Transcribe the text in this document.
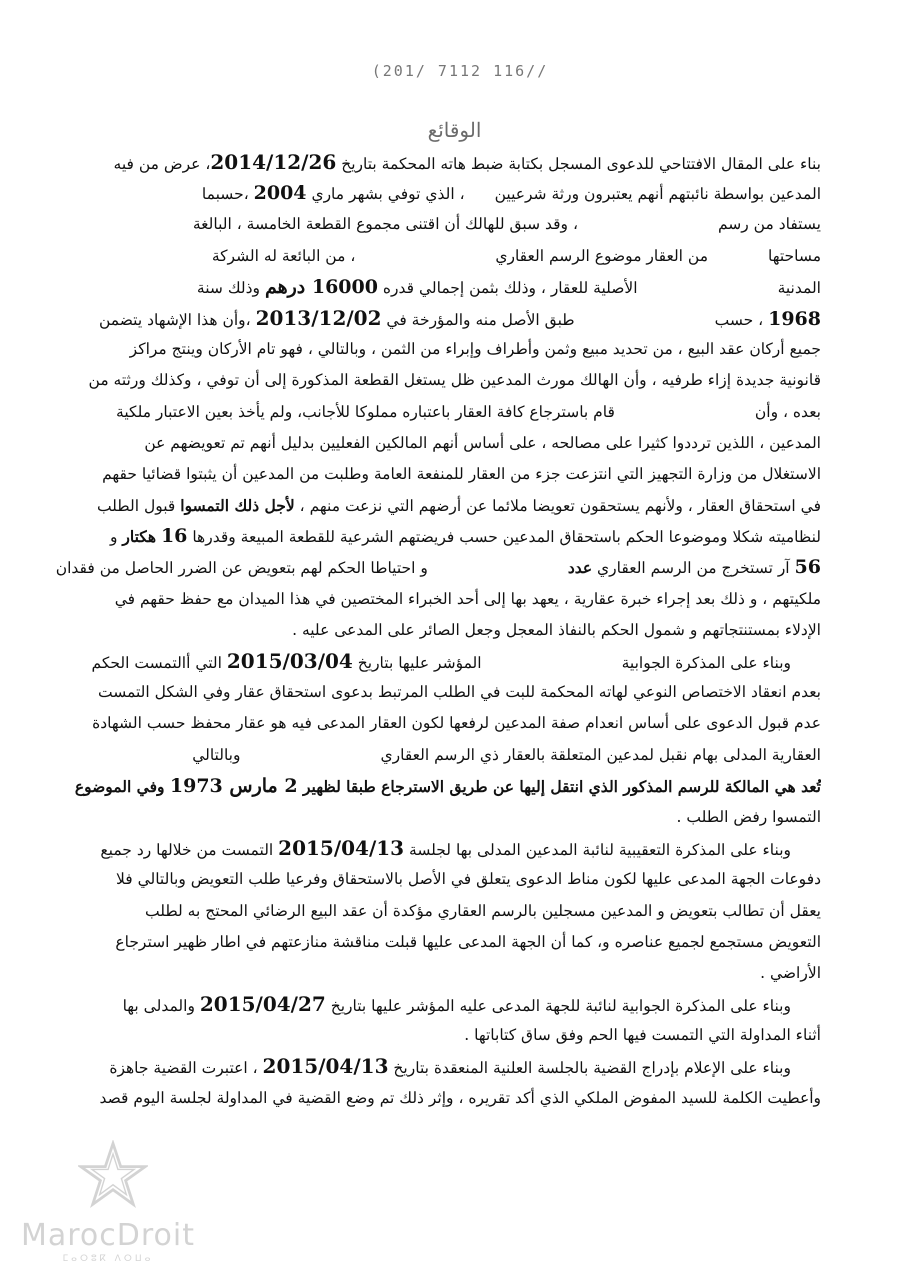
(201/ 7112 116//
الوقائع
بناء على المقال الافتتاحي للدعوى المسجل بكتابة ضبط هاته المحكمة بتاريخ 2014/12/26، عرض من فيه
المدعين بواسطة نائبتهم أنهم يعتبرون ورثة شرعيين، الذي توفي بشهر ماري 2004 ،حسبما
يستفاد من رسم، وقد سبق للهالك أن اقتنى مجموع القطعة الخامسة ، البالغة
مساحتهامن العقار موضوع الرسم العقاري، من البائعة له الشركة
المدنيةالأصلية للعقار ، وذلك بثمن إجمالي قدره 16000 درهم وذلك سنة
1968 ، حسبطبق الأصل منه والمؤرخة في 2013/12/02 ،وأن هذا الإشهاد يتضمن
جميع أركان عقد البيع ، من تحديد مبيع وثمن وأطراف وإبراء من الثمن ، وبالتالي ، فهو تام الأركان وينتج مراكز
قانونية جديدة إزاء طرفيه ، وأن الهالك مورث المدعين ظل يستغل القطعة المذكورة إلى أن توفي ، وكذلك ورثته من
بعده ، وأنقام باسترجاع كافة العقار باعتباره مملوكا للأجانب، ولم يأخذ بعين الاعتبار ملكية
المدعين ، اللذين ترددوا كثيرا على مصالحه ، على أساس أنهم المالكين الفعليين بدليل أنهم تم تعويضهم عن
الاستغلال من وزارة التجهيز التي انتزعت جزء من العقار للمنفعة العامة وطلبت من المدعين أن يثبتوا قضائيا حقهم
في استحقاق العقار ، ولأنهم يستحقون تعويضا ملائما عن أرضهم التي نزعت منهم ، لأجل ذلك التمسوا قبول الطلب
لنظاميته شكلا وموضوعا الحكم باستحقاق المدعين حسب فريضتهم الشرعية للقطعة المبيعة وقدرها 16 هكتار و
56 آر تستخرج من الرسم العقاري عددو احتياطا الحكم لهم بتعويض عن الضرر الحاصل من فقدان
ملكيتهم ، و ذلك بعد إجراء خبرة عقارية ، يعهد بها إلى أحد الخبراء المختصين في هذا الميدان مع حفظ حقهم في
الإدلاء بمستنتجاتهم و شمول الحكم بالنفاذ المعجل وجعل الصائر على المدعى عليه .
وبناء على المذكرة الجوابيةالمؤشر عليها بتاريخ 2015/03/04 التي أالتمست الحكم
بعدم انعقاد الاختصاص النوعي لهاته المحكمة للبت في الطلب المرتبط بدعوى استحقاق عقار وفي الشكل التمست
عدم قبول الدعوى على أساس انعدام صفة المدعين لرفعها لكون العقار المدعى فيه هو عقار محفظ حسب الشهادة
العقارية المدلى بهام نقبل لمدعين المتعلقة بالعقار ذي الرسم العقاريوبالتالي
تُعد هي المالكة للرسم المذكور الذي انتقل إليها عن طريق الاسترجاع طبقا لظهير 2 مارس 1973 وفي الموضوع
التمسوا رفض الطلب .
وبناء على المذكرة التعقيبية لنائبة المدعين المدلى بها لجلسة 2015/04/13 التمست من خلالها رد جميع
دفوعات الجهة المدعى عليها لكون مناط الدعوى يتعلق في الأصل بالاستحقاق وفرعيا طلب التعويض وبالتالي فلا
يعقل أن تطالب بتعويض و المدعين مسجلين بالرسم العقاري مؤكدة أن عقد البيع الرضائي المحتج به لطلب
التعويض مستجمع لجميع عناصره و، كما أن الجهة المدعى عليها قبلت مناقشة منازعتهم في اطار ظهير استرجاع
الأراضي .
وبناء على المذكرة الجوابية لنائبة للجهة المدعى عليه المؤشر عليها بتاريخ 2015/04/27 والمدلى بها
أثناء المداولة التي التمست فيها الحم وفق ساق كتاباتها .
وبناء على الإعلام بإدراج القضية بالجلسة العلنية المنعقدة بتاريخ 2015/04/13 ، اعتبرت القضية جاهزة
وأعطيت الكلمة للسيد المفوض الملكي الذي أكد تقريره ، وإثر ذلك تم وضع القضية في المداولة لجلسة اليوم قصد
MarocDroit
ⵎⴰⵔⵓⴽ ⴷⵔⵡⴰ
